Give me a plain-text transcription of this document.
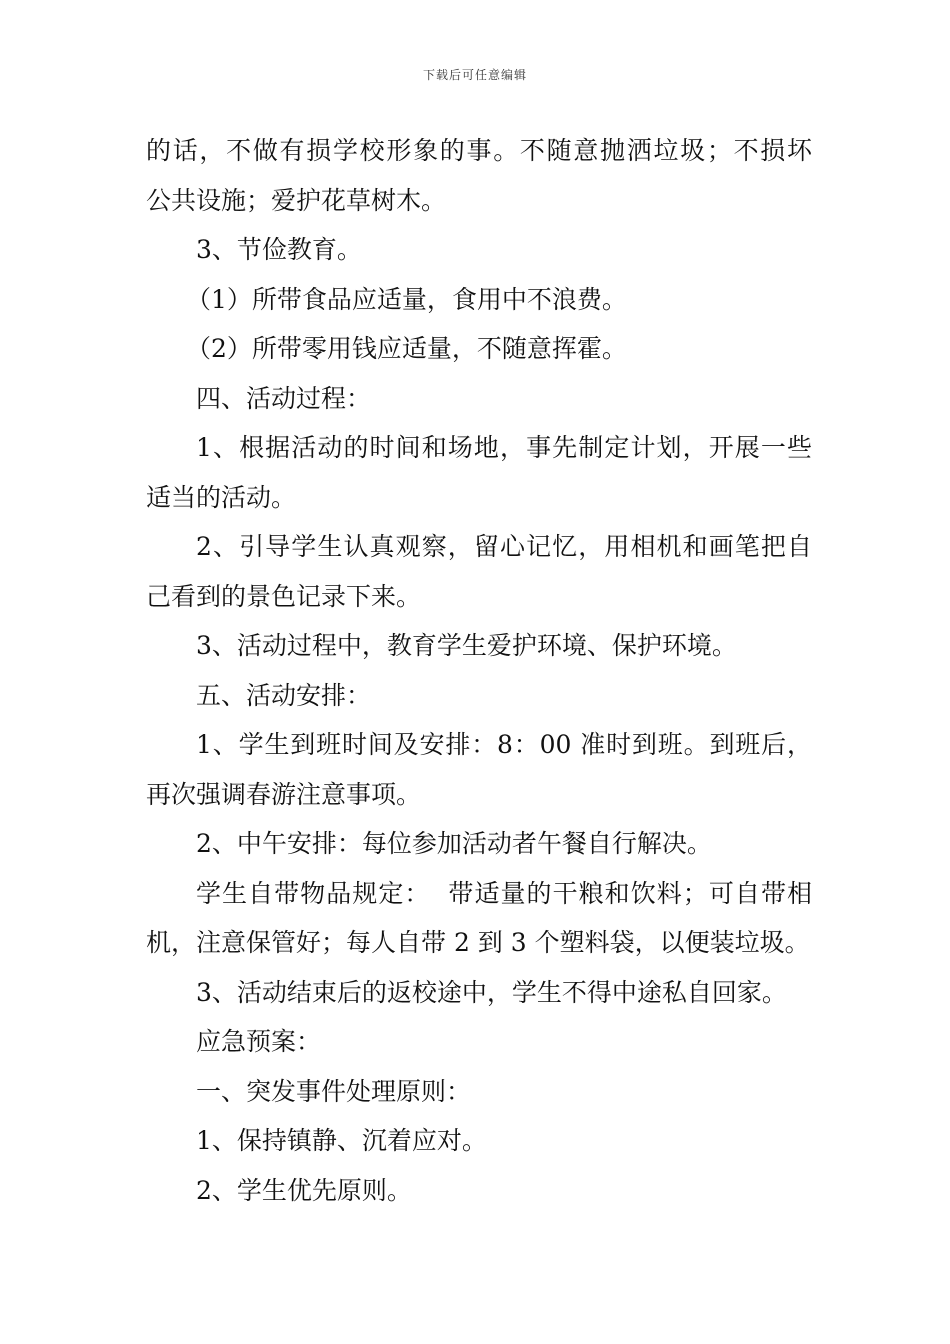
下载后可任意编辑

的话，不做有损学校形象的事。不随意抛洒垃圾；不损坏

公共设施；爱护花草树木。

3、节俭教育。

（1）所带食品应适量，食用中不浪费。

（2）所带零用钱应适量，不随意挥霍。

四、活动过程：

1、根据活动的时间和场地，事先制定计划，开展一些

适当的活动。

2、引导学生认真观察，留心记忆，用相机和画笔把自

己看到的景色记录下来。

3、活动过程中，教育学生爱护环境、保护环境。

五、活动安排：

1、学生到班时间及安排：8：00 准时到班。到班后，

再次强调春游注意事项。

2、中午安排：每位参加活动者午餐自行解决。

学生自带物品规定：  带适量的干粮和饮料；可自带相

机，注意保管好；每人自带 2 到 3 个塑料袋，以便装垃圾。

3、活动结束后的返校途中，学生不得中途私自回家。

应急预案：

一、突发事件处理原则：

1、保持镇静、沉着应对。

2、学生优先原则。
